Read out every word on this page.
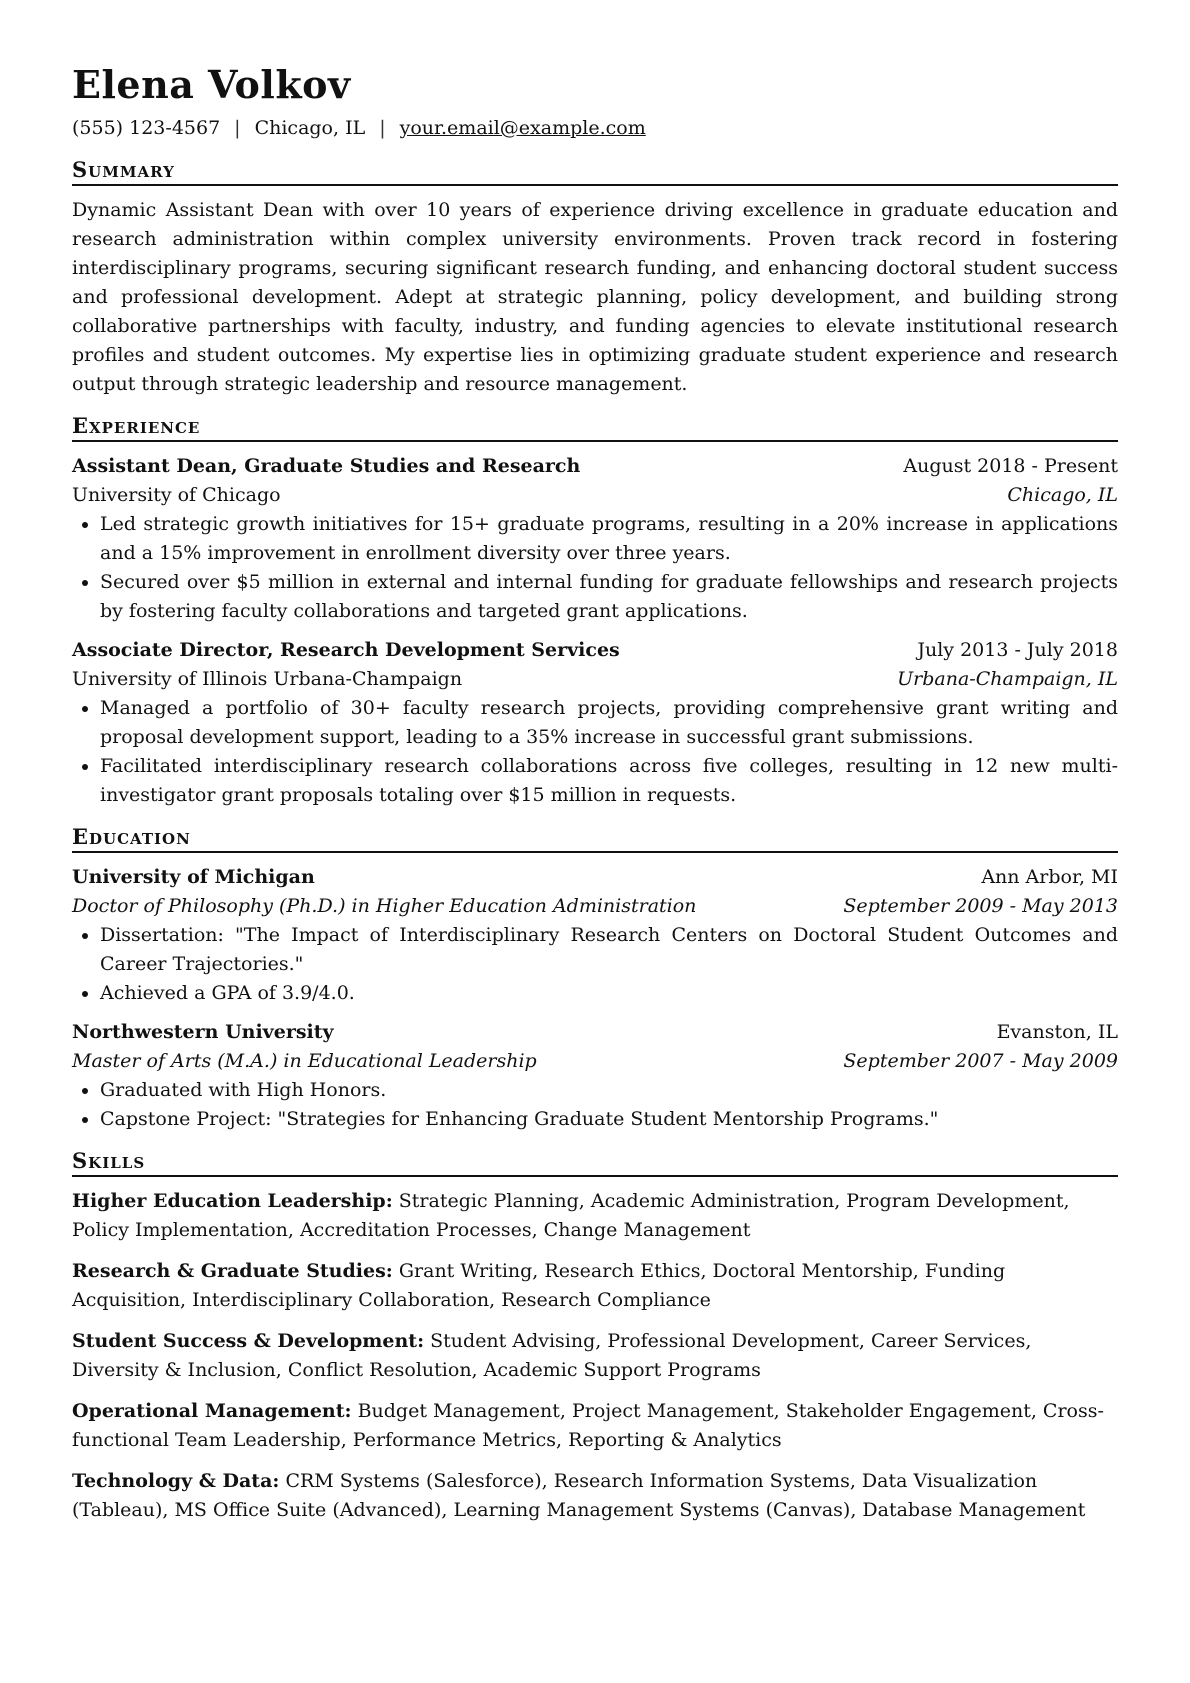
Elena Volkov
(555) 123-4567 | Chicago, IL | your.email@example.com
Summary
Dynamic Assistant Dean with over 10 years of experience driving excellence in graduate education and research administration within complex university environments. Proven track record in fostering interdisciplinary programs, securing significant research funding, and enhancing doctoral student success and professional development. Adept at strategic planning, policy development, and building strong collaborative partnerships with faculty, industry, and funding agencies to elevate institutional research profiles and student outcomes. My expertise lies in optimizing graduate student experience and research output through strategic leadership and resource management.
Experience
Assistant Dean, Graduate Studies and Research	August 2018 - Present
University of Chicago	Chicago, IL
• Led strategic growth initiatives for 15+ graduate programs, resulting in a 20% increase in applications and a 15% improvement in enrollment diversity over three years.
• Secured over $5 million in external and internal funding for graduate fellowships and research projects by fostering faculty collaborations and targeted grant applications.
Associate Director, Research Development Services	July 2013 - July 2018
University of Illinois Urbana-Champaign	Urbana-Champaign, IL
• Managed a portfolio of 30+ faculty research projects, providing comprehensive grant writing and proposal development support, leading to a 35% increase in successful grant submissions.
• Facilitated interdisciplinary research collaborations across five colleges, resulting in 12 new multi-investigator grant proposals totaling over $15 million in requests.
Education
University of Michigan	Ann Arbor, MI
Doctor of Philosophy (Ph.D.) in Higher Education Administration	September 2009 - May 2013
• Dissertation: "The Impact of Interdisciplinary Research Centers on Doctoral Student Outcomes and Career Trajectories."
• Achieved a GPA of 3.9/4.0.
Northwestern University	Evanston, IL
Master of Arts (M.A.) in Educational Leadership	September 2007 - May 2009
• Graduated with High Honors.
• Capstone Project: "Strategies for Enhancing Graduate Student Mentorship Programs."
Skills
Higher Education Leadership: Strategic Planning, Academic Administration, Program Development, Policy Implementation, Accreditation Processes, Change Management
Research & Graduate Studies: Grant Writing, Research Ethics, Doctoral Mentorship, Funding Acquisition, Interdisciplinary Collaboration, Research Compliance
Student Success & Development: Student Advising, Professional Development, Career Services, Diversity & Inclusion, Conflict Resolution, Academic Support Programs
Operational Management: Budget Management, Project Management, Stakeholder Engagement, Cross-functional Team Leadership, Performance Metrics, Reporting & Analytics
Technology & Data: CRM Systems (Salesforce), Research Information Systems, Data Visualization (Tableau), MS Office Suite (Advanced), Learning Management Systems (Canvas), Database Management
